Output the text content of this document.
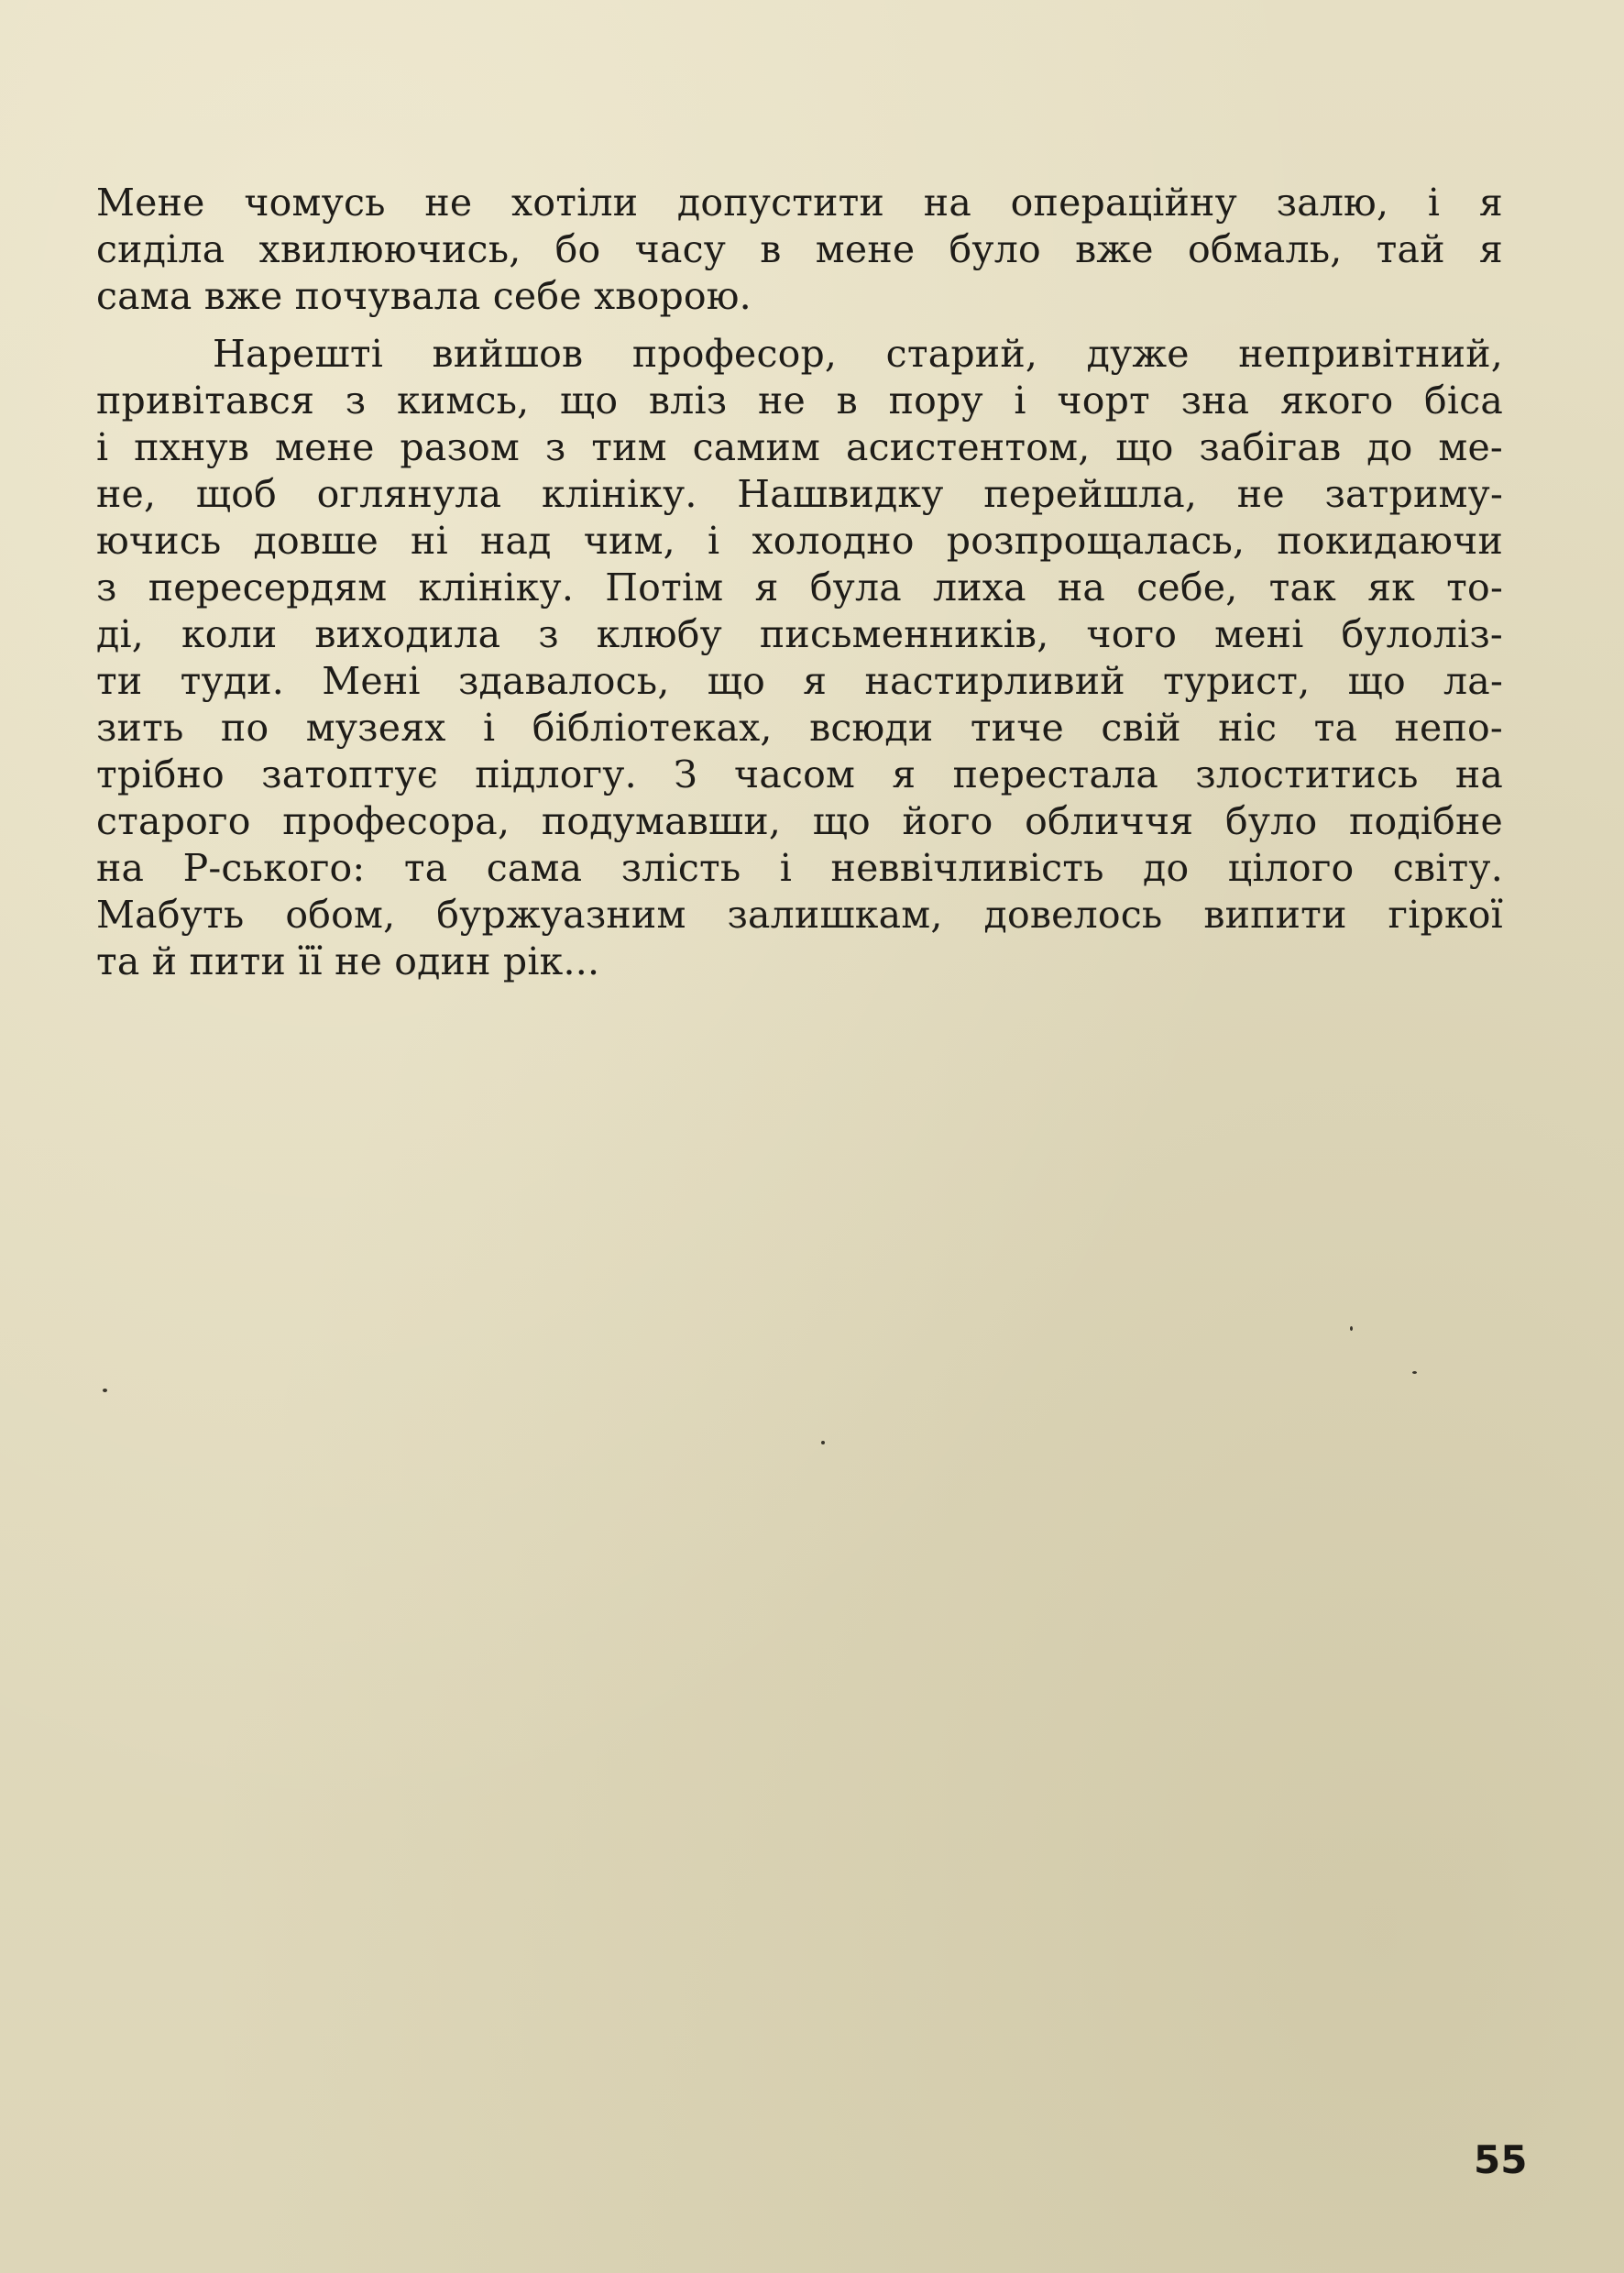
Мене чомусь не хотіли допустити на операційну залю, і я
сиділа хвилюючись, бо часу в мене було вже обмаль, тай я
сама вже почувала себе хворою.
Нарешті вийшов професор, старий, дуже непривітний,
привітався з кимсь, що вліз не в пору і чорт зна якого біса
і пхнув мене разом з тим самим асистентом, що забігав до ме-
не, щоб оглянула клініку. Нашвидку перейшла, не затриму-
ючись довше ні над чим, і холодно розпрощалась, покидаючи
з пересердям клініку. Потім я була лиха на себе, так як то-
ді, коли виходила з клюбу письменників, чого мені булоліз-
ти туди. Мені здавалось, що я настирливий турист, що ла-
зить по музеях і бібліотеках, всюди тиче свій ніс та непо-
трібно затоптує підлогу. З часом я перестала злоститись на
старого професора, подумавши, що його обличчя було подібне
на Р-ського: та сама злість і неввічливість до цілого світу.
Мабуть обом, буржуазним залишкам, довелось випити гіркої
та й пити її не один рік...
55
